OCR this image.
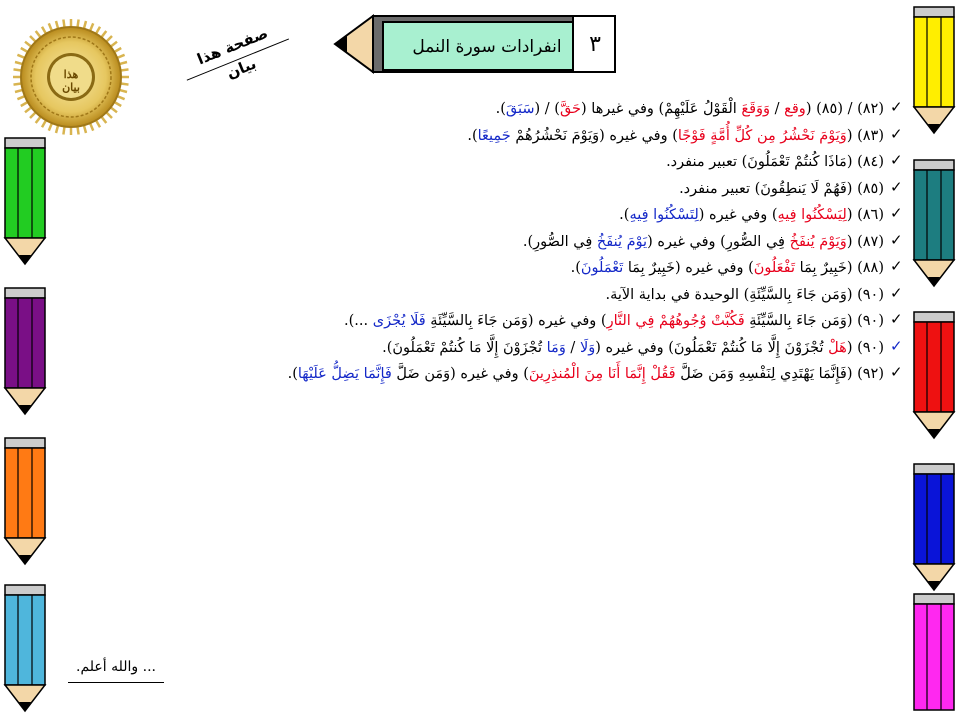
هذا بيان
صفحة هذا بيان
انفرادات سورة النمل	٣
✓
(٨٢) / (٨٥) (وقع / وَوَقَعَ الْقَوْلُ عَلَيْهِمْ) وفي غيرها (حَقَّ) / (سَبَقَ).
✓
(٨٣) (وَيَوْمَ نَحْشُرُ مِن كُلِّ أُمَّةٍ فَوْجًا) وفي غيره (وَيَوْمَ نَحْشُرُهُمْ جَمِيعًا).
✓
(٨٤) (مَاذَا كُنتُمْ تَعْمَلُونَ) تعبير منفرد.
✓
(٨٥) (فَهُمْ لَا يَنطِقُونَ) تعبير منفرد.
✓
(٨٦) (لِيَسْكُنُوا فِيهِ) وفي غيره (لِتَسْكُنُوا فِيهِ).
✓
(٨٧) (وَيَوْمَ يُنفَخُ فِي الصُّورِ) وفي غيره (يَوْمَ يُنفَخُ فِي الصُّورِ).
✓
(٨٨) (خَبِيرٌ بِمَا تَفْعَلُونَ) وفي غيره (خَبِيرٌ بِمَا تَعْمَلُونَ).
✓
(٩٠) (وَمَن جَاءَ بِالسَّيِّئَةِ) الوحيدة في بداية الآية.
✓
(٩٠) (وَمَن جَاءَ بِالسَّيِّئَةِ فَكُبَّتْ وُجُوهُهُمْ فِي النَّارِ) وفي غيره (وَمَن جَاءَ بِالسَّيِّئَةِ فَلَا يُجْزَى ...).
✓
(٩٠) (هَلْ تُجْزَوْنَ إِلَّا مَا كُنتُمْ تَعْمَلُونَ) وفي غيره (وَلَا / وَمَا تُجْزَوْنَ إِلَّا مَا كُنتُمْ تَعْمَلُونَ).
✓
(٩٢) (فَإِنَّمَا يَهْتَدِي لِنَفْسِهِ وَمَن ضَلَّ فَقُلْ إِنَّمَا أَنَا مِنَ الْمُنذِرِينَ) وفي غيره (وَمَن ضَلَّ فَإِنَّمَا يَضِلُّ عَلَيْهَا).
... والله أعلم.
